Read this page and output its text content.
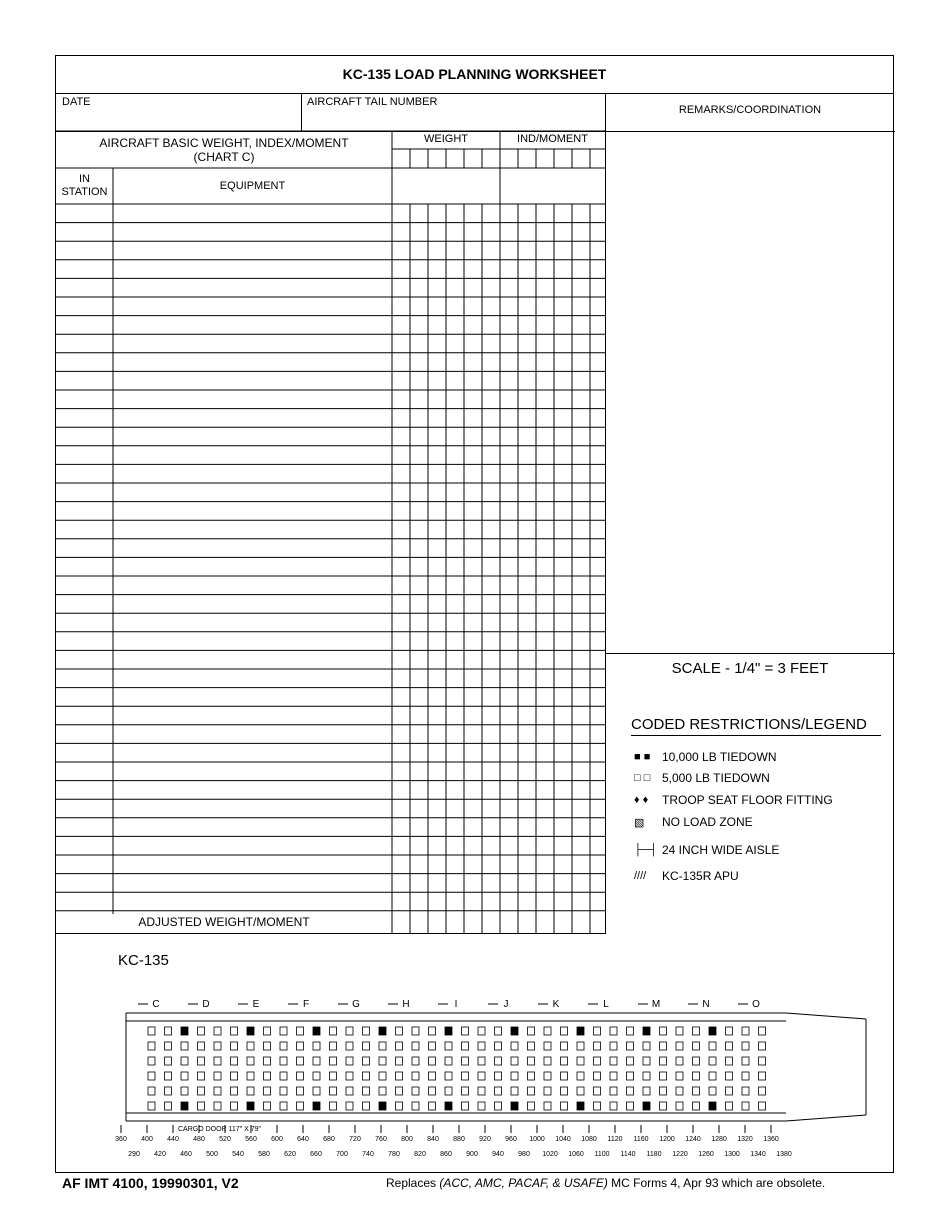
KC-135 LOAD PLANNING WORKSHEET
DATE	AIRCRAFT TAIL NUMBER
REMARKS/COORDINATION
AIRCRAFT BASIC WEIGHT, INDEX/MOMENT
(CHART C)
WEIGHT	IND/MOMENT
IN
STATION	EQUIPMENT
ADJUSTED WEIGHT/MOMENT
SCALE - 1/4" = 3 FEET
CODED RESTRICTIONS/LEGEND
■ ■ 10,000 LB TIEDOWN
□ □ 5,000 LB TIEDOWN
♦ ♦	TROOP SEAT FLOOR FITTING
▧	NO LOAD ZONE
├─┤ 24 INCH WIDE AISLE
////	KC-135R APU
KC-135
C	D	E	F	G	H	I	J	K	L	M	N	O
360 400 440 480 520 560 600 640 680 720 760 800 840 880 920 960 1000 1040 1080 1120 1160 1200 1240 1280 1320 1360
290 420 460 500 540 580 620 660 700 740 780 820 860 900 940 980 1020 1060 1100 1140 1180 1220 1260 1300 1340 1380
CARGO DOOR 117" X 79"
AF IMT 4100, 19990301, V2	Replaces (ACC, AMC, PACAF, & USAFE) MC Forms 4, Apr 93 which are obsolete.
